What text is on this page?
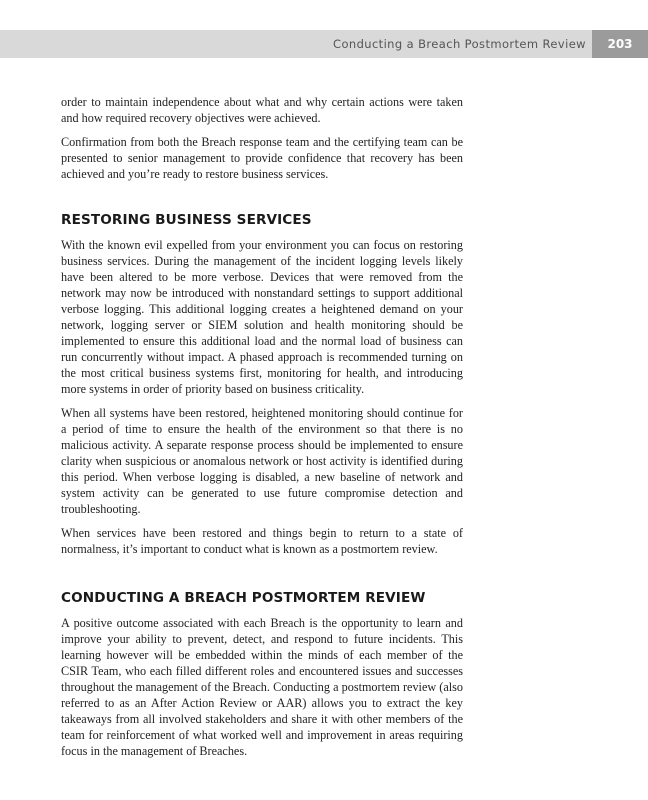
Conducting a Breach Postmortem Review	203

order to maintain independence about what and why certain actions were taken and how required recovery objectives were achieved.

Confirmation from both the Breach response team and the certifying team can be presented to senior management to provide confidence that recovery has been achieved and you’re ready to restore business services.

RESTORING BUSINESS SERVICES

With the known evil expelled from your environment you can focus on restoring business services. During the management of the incident logging levels likely have been altered to be more verbose. Devices that were removed from the network may now be introduced with nonstandard settings to support additional verbose logging. This additional logging creates a heightened demand on your network, logging server or SIEM solution and health monitoring should be implemented to ensure this additional load and the normal load of business can run concurrently without impact. A phased approach is recommended turning on the most critical business systems first, monitoring for health, and introducing more systems in order of priority based on business criticality.

When all systems have been restored, heightened monitoring should continue for a period of time to ensure the health of the environment so that there is no malicious activity. A separate response process should be implemented to ensure clarity when suspicious or anomalous network or host activity is identified during this period. When verbose logging is disabled, a new baseline of network and system activity can be generated to use future compromise detection and troubleshooting.

When services have been restored and things begin to return to a state of normalness, it’s important to conduct what is known as a postmortem review.

CONDUCTING A BREACH POSTMORTEM REVIEW

A positive outcome associated with each Breach is the opportunity to learn and improve your ability to prevent, detect, and respond to future incidents. This learning however will be embedded within the minds of each member of the CSIR Team, who each filled different roles and encountered issues and successes throughout the management of the Breach. Conducting a postmortem review (also referred to as an After Action Review or AAR) allows you to extract the key takeaways from all involved stakeholders and share it with other members of the team for reinforcement of what worked well and improvement in areas requiring focus in the management of Breaches.
